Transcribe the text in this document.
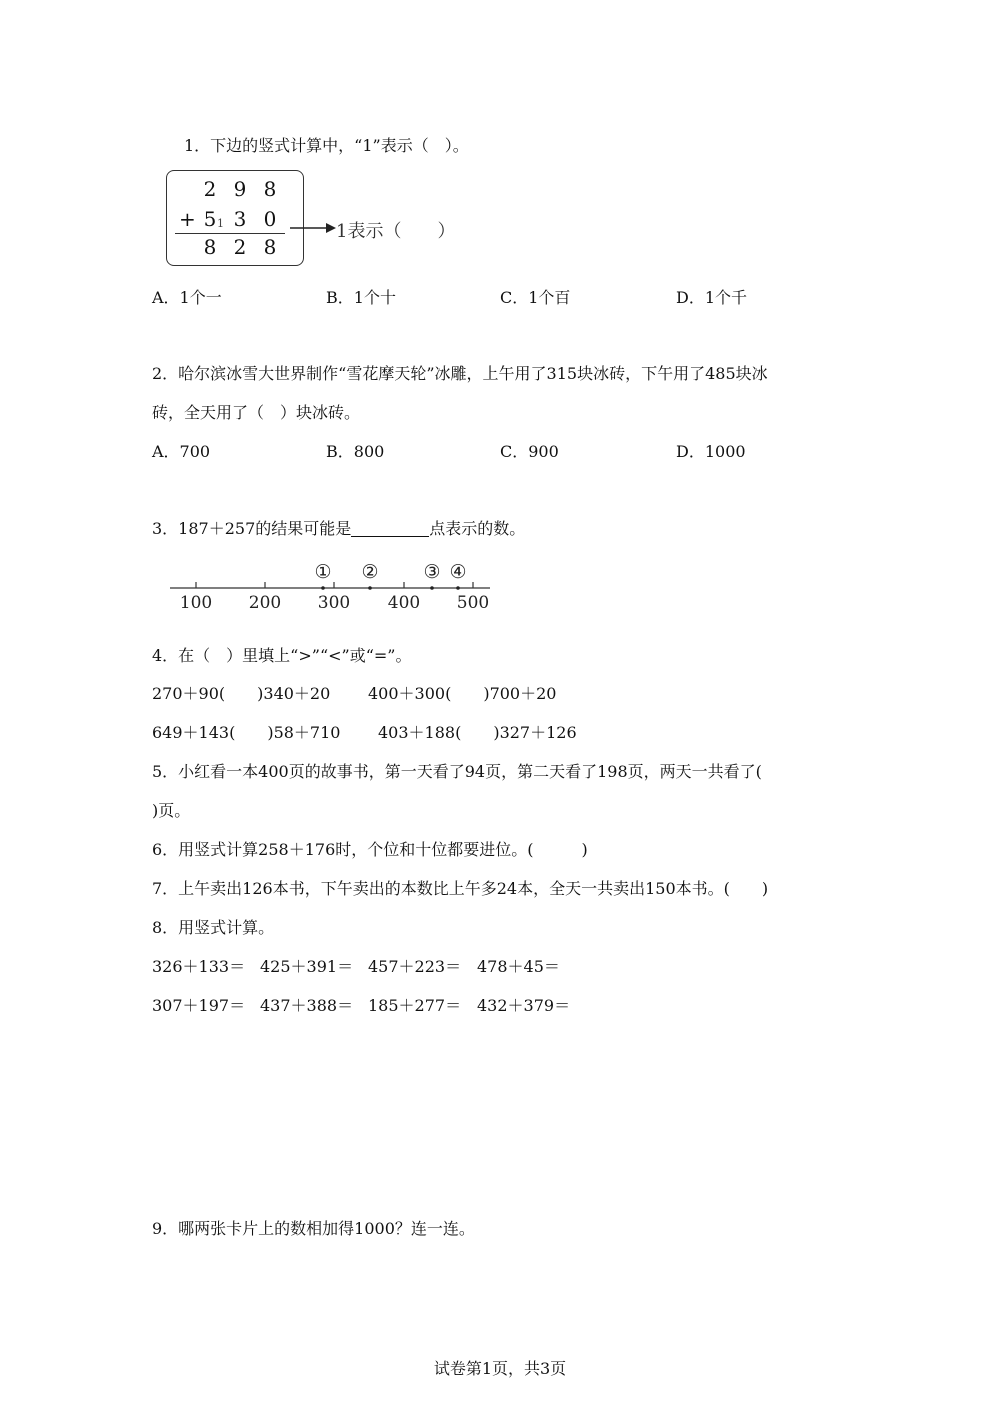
1．下边的竖式计算中，“1”表示（　）。
2 9 8
+ 5 3 0
1
8 2 8
1表示（　　）
A．1个一	B．1个十	C．1个百	D．1个千
2．哈尔滨冰雪大世界制作“雪花摩天轮”冰雕，上午用了315块冰砖，下午用了485块冰
砖，全天用了（　）块冰砖。
A．700	B．800	C．900	D．1000
3．187＋257的结果可能是	点表示的数。
① ② ③ ④
100 200 300 400 500
4．在（　）里填上“>”“<”或“=”。
270＋90(　　)340＋20 400＋300(　　)700＋20
649＋143(　　)58＋710 403＋188(　　)327＋126
5．小红看一本400页的故事书，第一天看了94页，第二天看了198页，两天一共看了(
)页。
6．用竖式计算258＋176时，个位和十位都要进位。(　　　)
7．上午卖出126本书，下午卖出的本数比上午多24本，全天一共卖出150本书。(　　)
8．用竖式计算。
326＋133＝ 425＋391＝ 457＋223＝ 478＋45＝
307＋197＝ 437＋388＝ 185＋277＝ 432＋379＝
9．哪两张卡片上的数相加得1000？连一连。
试卷第1页，共3页
